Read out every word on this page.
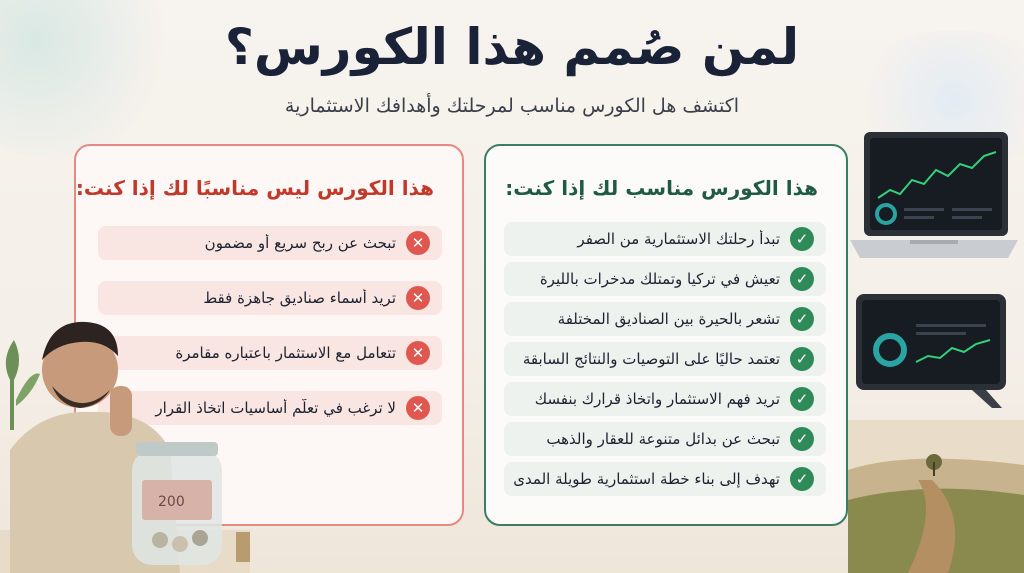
لمن صُمم هذا الكورس؟
اكتشف هل الكورس مناسب لمرحلتك وأهدافك الاستثمارية
هذا الكورس مناسب لك إذا كنت:
✓
تبدأ رحلتك الاستثمارية من الصفر
✓
تعيش في تركيا وتمتلك مدخرات بالليرة
✓
تشعر بالحيرة بين الصناديق المختلفة
✓
تعتمد حاليًا على التوصيات والنتائج السابقة
✓
تريد فهم الاستثمار واتخاذ قرارك بنفسك
✓
تبحث عن بدائل متنوعة للعقار والذهب
✓
تهدف إلى بناء خطة استثمارية طويلة المدى
هذا الكورس ليس مناسبًا لك إذا كنت:
✕
تبحث عن ربح سريع أو مضمون
✕
تريد أسماء صناديق جاهزة فقط
✕
تتعامل مع الاستثمار باعتباره مقامرة
✕
لا ترغب في تعلّم أساسيات اتخاذ القرار
200
